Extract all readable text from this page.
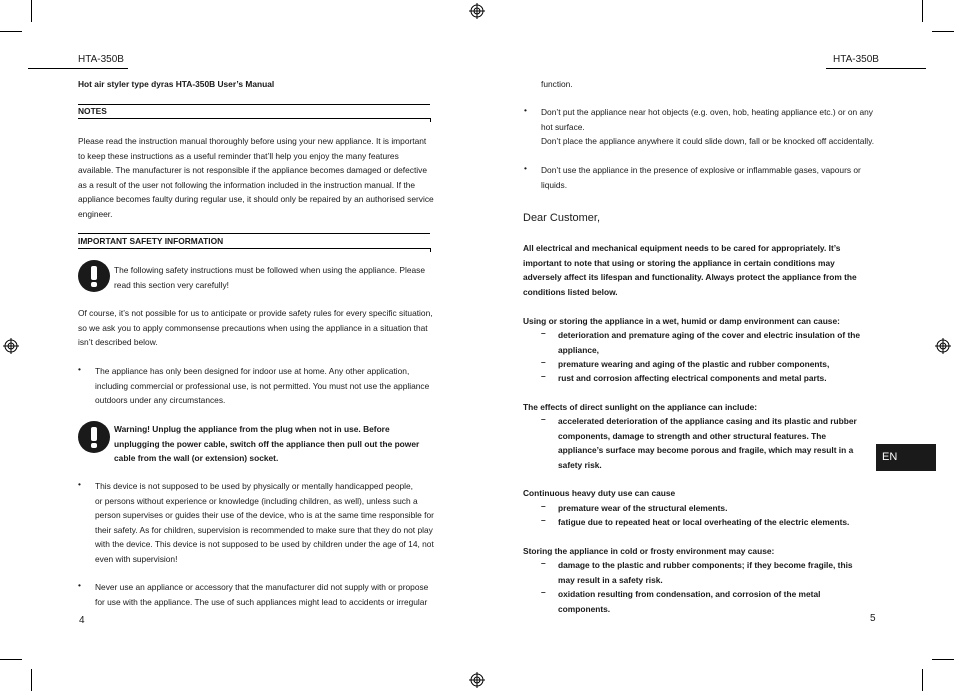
HTA-350B	HTA-350B
Hot air styler type dyras HTA-350B User’s Manual
NOTES
Please read the instruction manual thoroughly before using your new appliance. It is important
to keep these instructions as a useful reminder that’ll help you enjoy the many features
available. The manufacturer is not responsible if the appliance becomes damaged or defective
as a result of the user not following the information included in the instruction manual. If the
appliance becomes faulty during regular use, it should only be repaired by an authorised service
engineer.
IMPORTANT SAFETY INFORMATION
The following safety instructions must be followed when using the appliance. Please
read this section very carefully!
Of course, it’s not possible for us to anticipate or provide safety rules for every specific situation,
so we ask you to apply commonsense precautions when using the appliance in a situation that
isn’t described below.
• The appliance has only been designed for indoor use at home. Any other application,
including commercial or professional use, is not permitted. You must not use the appliance
outdoors under any circumstances.
Warning! Unplug the appliance from the plug when not in use. Before
unplugging the power cable, switch off the appliance then pull out the power
cable from the wall (or extension) socket.
• This device is not supposed to be used by physically or mentally handicapped people,
or persons without experience or knowledge (including children, as well), unless such a
person supervises or guides their use of the device, who is at the same time responsible for
their safety. As for children, supervision is recommended to make sure that they do not play
with the device. This device is not supposed to be used by children under the age of 14, not
even with supervision!
• Never use an appliance or accessory that the manufacturer did not supply with or propose
for use with the appliance. The use of such appliances might lead to accidents or irregular
4
function.
• Don’t put the appliance near hot objects (e.g. oven, hob, heating appliance etc.) or on any
hot surface.
Don’t place the appliance anywhere it could slide down, fall or be knocked off accidentally.
• Don’t use the appliance in the presence of explosive or inflammable gases, vapours or
liquids.
Dear Customer,
All electrical and mechanical equipment needs to be cared for appropriately. It’s
important to note that using or storing the appliance in certain conditions may
adversely affect its lifespan and functionality. Always protect the appliance from the
conditions listed below.
Using or storing the appliance in a wet, humid or damp environment can cause:
– deterioration and premature aging of the cover and electric insulation of the
appliance,
– premature wearing and aging of the plastic and rubber components,
– rust and corrosion affecting electrical components and metal parts.
The effects of direct sunlight on the appliance can include:
– accelerated deterioration of the appliance casing and its plastic and rubber
components, damage to strength and other structural features. The
appliance’s surface may become porous and fragile, which may result in a
safety risk.
Continuous heavy duty use can cause
– premature wear of the structural elements.
– fatigue due to repeated heat or local overheating of the electric elements.
Storing the appliance in cold or frosty environment may cause:
– damage to the plastic and rubber components; if they become fragile, this
may result in a safety risk.
– oxidation resulting from condensation, and corrosion of the metal
components.
EN
5
